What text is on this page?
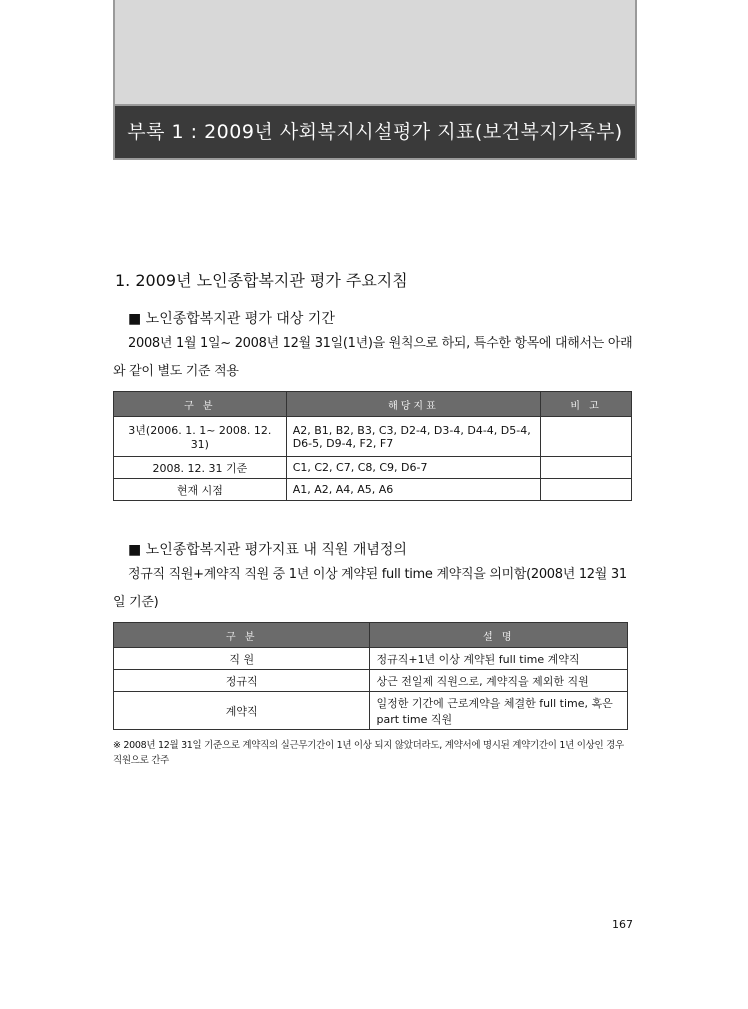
부록 1 : 2009년 사회복지시설평가 지표(보건복지가족부)
1. 2009년 노인종합복지관 평가 주요지침
■ 노인종합복지관 평가 대상 기간
2008년 1월 1일~ 2008년 12월 31일(1년)을 원칙으로 하되, 특수한 항목에 대해서는 아래와 같이 별도 기준 적용
구 분	해당지표	비 고
3년(2006. 1. 1~ 2008. 12. 31)	A2, B1, B2, B3, C3, D2-4, D3-4, D4-4, D5-4, D6-5, D9-4, F2, F7	
2008. 12. 31 기준	C1, C2, C7, C8, C9, D6-7	
현재 시점	A1, A2, A4, A5, A6	
■ 노인종합복지관 평가지표 내 직원 개념정의
정규직 직원+계약직 직원 중 1년 이상 계약된 full time 계약직을 의미함(2008년 12월 31일 기준)
구 분	설 명
직 원	정규직+1년 이상 계약된 full time 계약직
정규직	상근 전일제 직원으로, 계약직을 제외한 직원
계약직	일정한 기간에 근로계약을 체결한 full time, 혹은 part time 직원
※ 2008년 12월 31일 기준으로 계약직의 실근무기간이 1년 이상 되지 않았더라도, 계약서에 명시된 계약기간이 1년 이상인 경우 직원으로 간주
167
